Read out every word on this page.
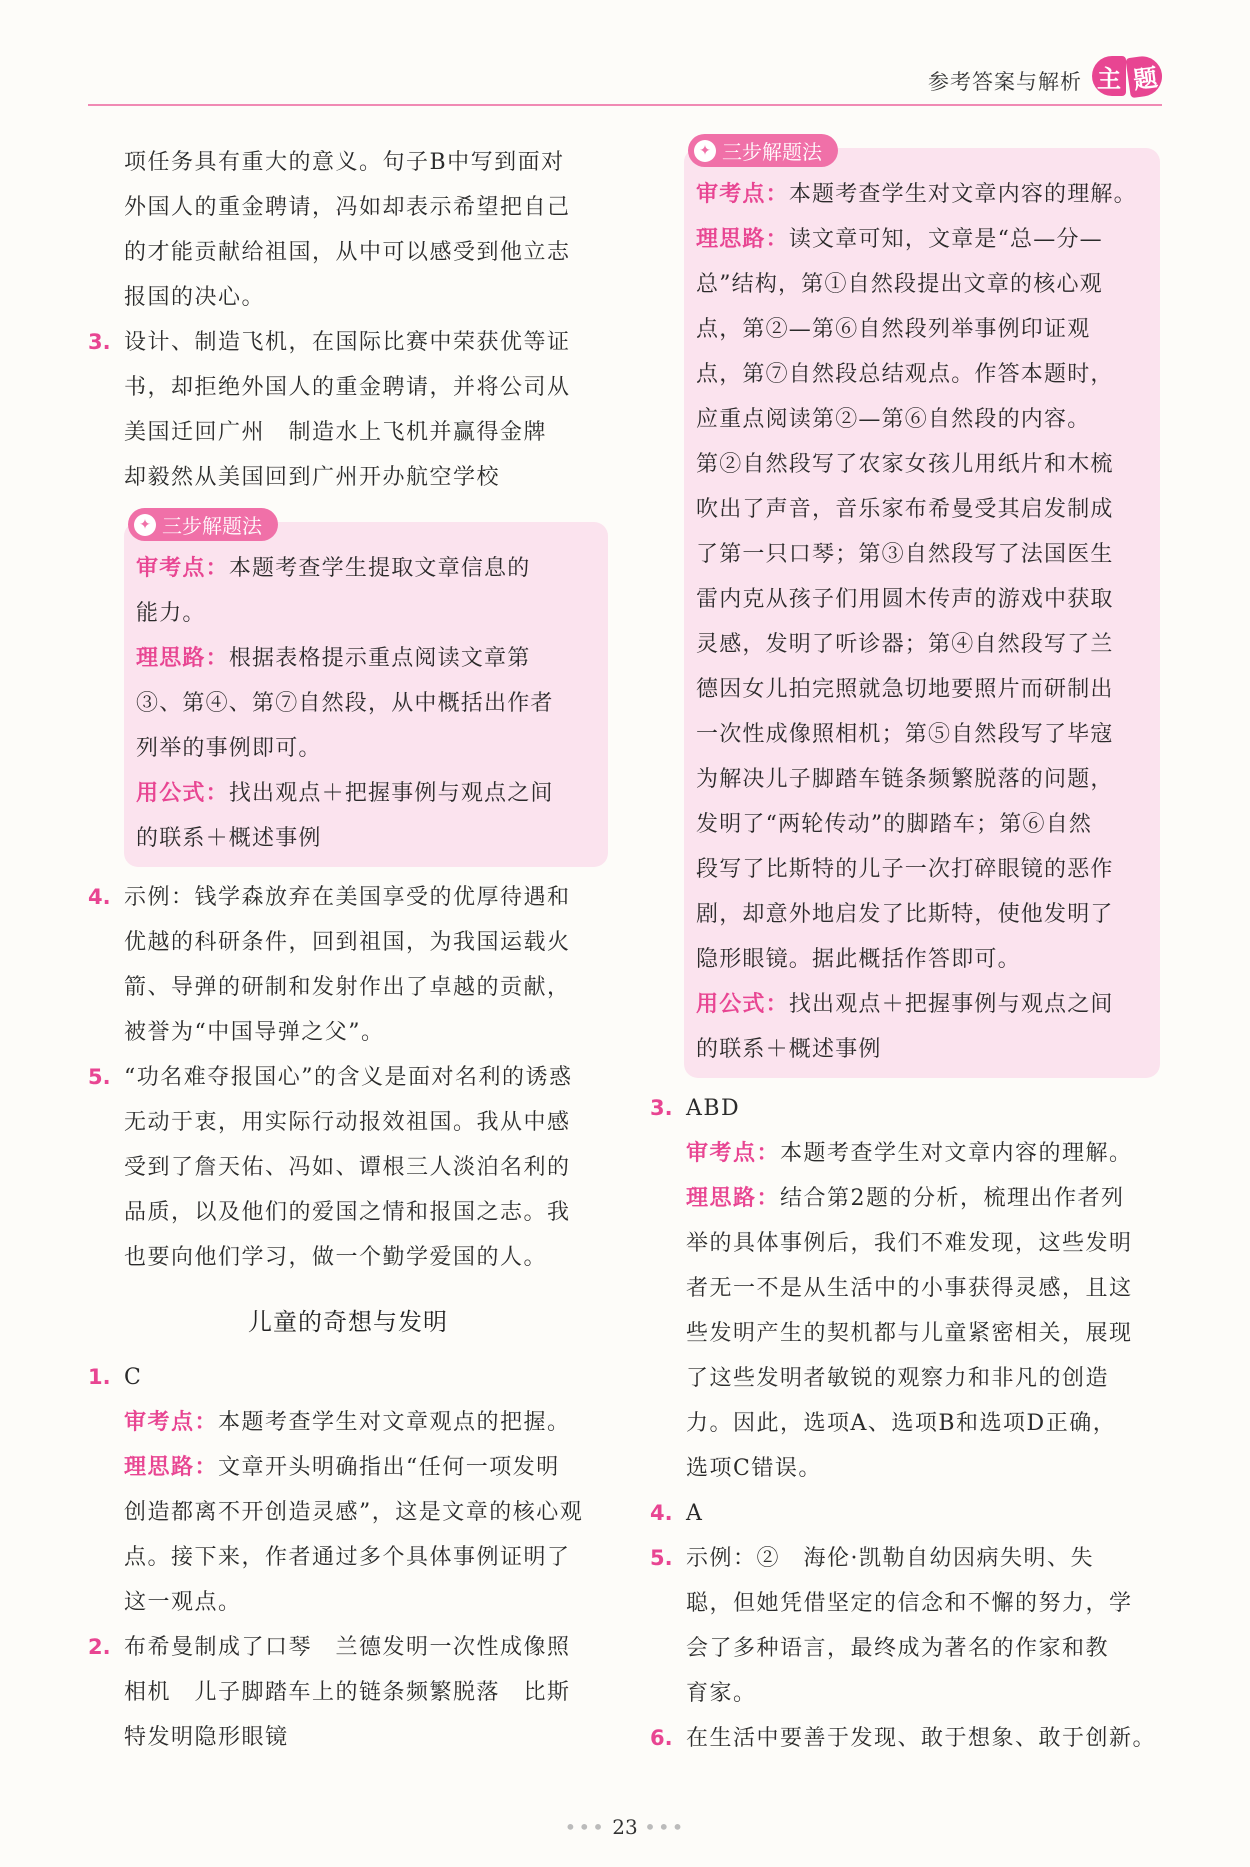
参考答案与解析 主 题

项任务具有重大的意义。句子B中写到面对

外国人的重金聘请，冯如却表示希望把自己

的才能贡献给祖国，从中可以感受到他立志

报国的决心。

3. 设计、制造飞机，在国际比赛中荣获优等证

书，却拒绝外国人的重金聘请，并将公司从

美国迁回广州　制造水上飞机并赢得金牌

却毅然从美国回到广州开办航空学校

✦ 三步解题法

审考点：本题考查学生提取文章信息的

能力。

理思路：根据表格提示重点阅读文章第

③、第④、第⑦自然段，从中概括出作者

列举的事例即可。

用公式：找出观点＋把握事例与观点之间

的联系＋概述事例

4. 示例：钱学森放弃在美国享受的优厚待遇和

优越的科研条件，回到祖国，为我国运载火

箭、导弹的研制和发射作出了卓越的贡献，

被誉为“中国导弹之父”。

5. “功名难夺报国心”的含义是面对名利的诱惑

无动于衷，用实际行动报效祖国。我从中感

受到了詹天佑、冯如、谭根三人淡泊名利的

品质，以及他们的爱国之情和报国之志。我

也要向他们学习，做一个勤学爱国的人。

儿童的奇想与发明
1. C

审考点：本题考查学生对文章观点的把握。

理思路：文章开头明确指出“任何一项发明

创造都离不开创造灵感”，这是文章的核心观

点。接下来，作者通过多个具体事例证明了

这一观点。

2. 布希曼制成了口琴　兰德发明一次性成像照

相机　儿子脚踏车上的链条频繁脱落　比斯

特发明隐形眼镜

✦ 三步解题法

审考点：本题考查学生对文章内容的理解。

理思路：读文章可知，文章是“总—分—

总”结构，第①自然段提出文章的核心观

点，第②—第⑥自然段列举事例印证观

点，第⑦自然段总结观点。作答本题时，

应重点阅读第②—第⑥自然段的内容。

第②自然段写了农家女孩儿用纸片和木梳

吹出了声音，音乐家布希曼受其启发制成

了第一只口琴；第③自然段写了法国医生

雷内克从孩子们用圆木传声的游戏中获取

灵感，发明了听诊器；第④自然段写了兰

德因女儿拍完照就急切地要照片而研制出

一次性成像照相机；第⑤自然段写了毕寇

为解决儿子脚踏车链条频繁脱落的问题，

发明了“两轮传动”的脚踏车；第⑥自然

段写了比斯特的儿子一次打碎眼镜的恶作

剧，却意外地启发了比斯特，使他发明了

隐形眼镜。据此概括作答即可。

用公式：找出观点＋把握事例与观点之间

的联系＋概述事例

3. ABD

审考点：本题考查学生对文章内容的理解。

理思路：结合第2题的分析，梳理出作者列

举的具体事例后，我们不难发现，这些发明

者无一不是从生活中的小事获得灵感，且这

些发明产生的契机都与儿童紧密相关，展现

了这些发明者敏锐的观察力和非凡的创造

力。因此，选项A、选项B和选项D正确，

选项C错误。

4. A

5. 示例：②　海伦·凯勒自幼因病失明、失

聪，但她凭借坚定的信念和不懈的努力，学

会了多种语言，最终成为著名的作家和教

育家。

6. 在生活中要善于发现、敢于想象、敢于创新。

••• 23 •••
